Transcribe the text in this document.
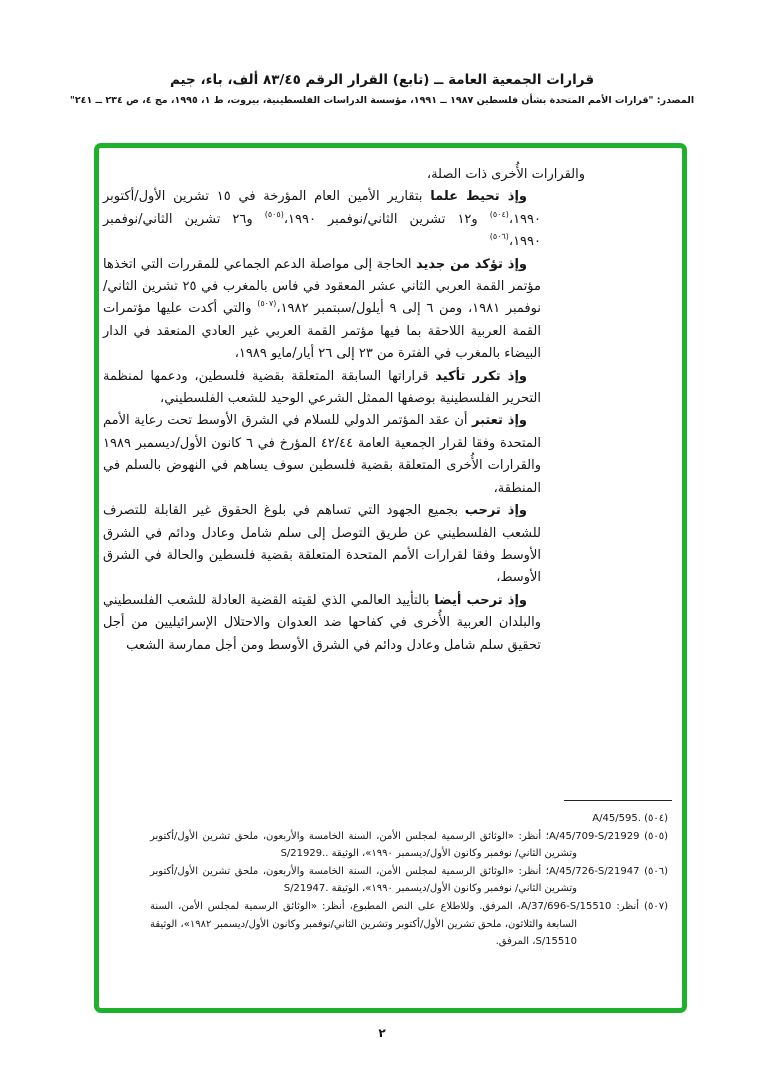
قرارات الجمعية العامة ــ (تابع) القرار الرقم ٨٣/٤٥ ألف، باء، جيم

المصدر: "قرارات الأمم المتحدة بشأن فلسطين ١٩٨٧ ــ ١٩٩١، مؤسسة الدراسات الفلسطينية، بيروت، ط ١، ١٩٩٥، مج ٤، ص ٢٣٤ ــ ٢٤١"

والقرارات الأُخرى ذات الصلة،

وإذ تحيط علما بتقارير الأمين العام المؤرخة في ١٥ تشرين الأول/أكتوبر ١٩٩٠،$^{(٥٠٤)}$ و١٢ تشرين الثاني/نوفمبر ١٩٩٠،$^{(٥٠٥)}$ و٢٦ تشرين الثاني/نوفمبر ١٩٩٠،$^{(٥٠٦)}$

وإذ تؤكد من جديد الحاجة إلى مواصلة الدعم الجماعي للمقررات التي اتخذها مؤتمر القمة العربي الثاني عشر المعقود في فاس بالمغرب في ٢٥ تشرين الثاني/نوفمبر ١٩٨١، ومن ٦ إلى ٩ أيلول/سبتمبر ١٩٨٢،$^{(٥٠٧)}$ والتي أكدت عليها مؤتمرات القمة العربية اللاحقة بما فيها مؤتمر القمة العربي غير العادي المنعقد في الدار البيضاء بالمغرب في الفترة من ٢٣ إلى ٢٦ أيار/مايو ١٩٨٩،

وإذ تكرر تأكيد قراراتها السابقة المتعلقة بقضية فلسطين، ودعمها لمنظمة التحرير الفلسطينية بوصفها الممثل الشرعي الوحيد للشعب الفلسطيني،

وإذ تعتبر أن عقد المؤتمر الدولي للسلام في الشرق الأوسط تحت رعاية الأمم المتحدة وفقا لقرار الجمعية العامة ٤٢/٤٤ المؤرخ في ٦ كانون الأول/ديسمبر ١٩٨٩ والقرارات الأُخرى المتعلقة بقضية فلسطين سوف يساهم في النهوض بالسلم في المنطقة،

وإذ ترحب بجميع الجهود التي تساهم في بلوغ الحقوق غير القابلة للتصرف للشعب الفلسطيني عن طريق التوصل إلى سلم شامل وعادل ودائم في الشرق الأوسط وفقا لقرارات الأمم المتحدة المتعلقة بقضية فلسطين والحالة في الشرق الأوسط،

وإذ ترحب أيضا بالتأييد العالمي الذي لقيته القضية العادلة للشعب الفلسطيني والبلدان العربية الأُخرى في كفاحها ضد العدوان والاحتلال الإسرائيليين من أجل تحقيق سلم شامل وعادل ودائم في الشرق الأوسط ومن أجل ممارسة الشعب

(٥٠٤) A/45/595.‎

(٥٠٥) A/45/709-S/21929؛ أنظر: «الوثائق الرسمية لمجلس الأمن، السنة الخامسة والأربعون، ملحق تشرين الأول/أكتوبر وتشرين الثاني/ نوفمبر وكانون الأول/ديسمبر ١٩٩٠»، الوثيقة S/21929..‎

(٥٠٦) A/45/726-S/21947؛ أنظر: «الوثائق الرسمية لمجلس الأمن، السنة الخامسة والأربعون، ملحق تشرين الأول/أكتوبر وتشرين الثاني/ نوفمبر وكانون الأول/ديسمبر ١٩٩٠»، الوثيقة S/21947.‎

(٥٠٧) أنظر: A/37/696-S/15510، المرفق. وللاطلاع على النص المطبوع، أنظر: «الوثائق الرسمية لمجلس الأمن، السنة السابعة والثلاثون، ملحق تشرين الأول/أكتوبر وتشرين الثاني/نوفمبر وكانون الأول/ديسمبر ١٩٨٢»، الوثيقة S/15510، المرفق.

٢
